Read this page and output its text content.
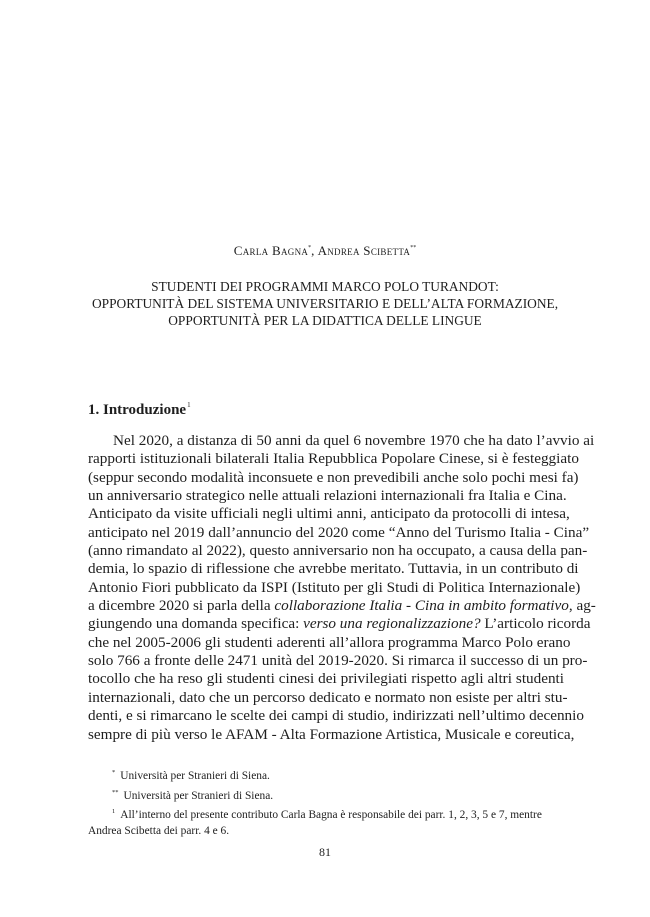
Carla Bagna*, Andrea Scibetta**
STUDENTI DEI PROGRAMMI MARCO POLO TURANDOT:
OPPORTUNITÀ DEL SISTEMA UNIVERSITARIO E DELL’ALTA FORMAZIONE,
OPPORTUNITÀ PER LA DIDATTICA DELLE LINGUE
1. Introduzione$^1$
Nel 2020, a distanza di 50 anni da quel 6 novembre 1970 che ha dato l’avvio ai
rapporti istituzionali bilaterali Italia Repubblica Popolare Cinese, si è festeggiato
(seppur secondo modalità inconsuete e non prevedibili anche solo pochi mesi fa)
un anniversario strategico nelle attuali relazioni internazionali fra Italia e Cina.
Anticipato da visite ufficiali negli ultimi anni, anticipato da protocolli di intesa,
anticipato nel 2019 dall’annuncio del 2020 come “Anno del Turismo Italia - Cina”
(anno rimandato al 2022), questo anniversario non ha occupato, a causa della pan-
demia, lo spazio di riflessione che avrebbe meritato. Tuttavia, in un contributo di
Antonio Fiori pubblicato da ISPI (Istituto per gli Studi di Politica Internazionale)
a dicembre 2020 si parla della collaborazione Italia - Cina in ambito formativo, ag-
giungendo una domanda specifica: verso una regionalizzazione? L’articolo ricorda
che nel 2005-2006 gli studenti aderenti all’allora programma Marco Polo erano
solo 766 a fronte delle 2471 unità del 2019-2020. Si rimarca il successo di un pro-
tocollo che ha reso gli studenti cinesi dei privilegiati rispetto agli altri studenti
internazionali, dato che un percorso dedicato e normato non esiste per altri stu-
denti, e si rimarcano le scelte dei campi di studio, indirizzati nell’ultimo decennio
sempre di più verso le AFAM - Alta Formazione Artistica, Musicale e coreutica,
* Università per Stranieri di Siena.
** Università per Stranieri di Siena.
$^1$ All’interno del presente contributo Carla Bagna è responsabile dei parr. 1, 2, 3, 5 e 7, mentre
Andrea Scibetta dei parr. 4 e 6.
81
